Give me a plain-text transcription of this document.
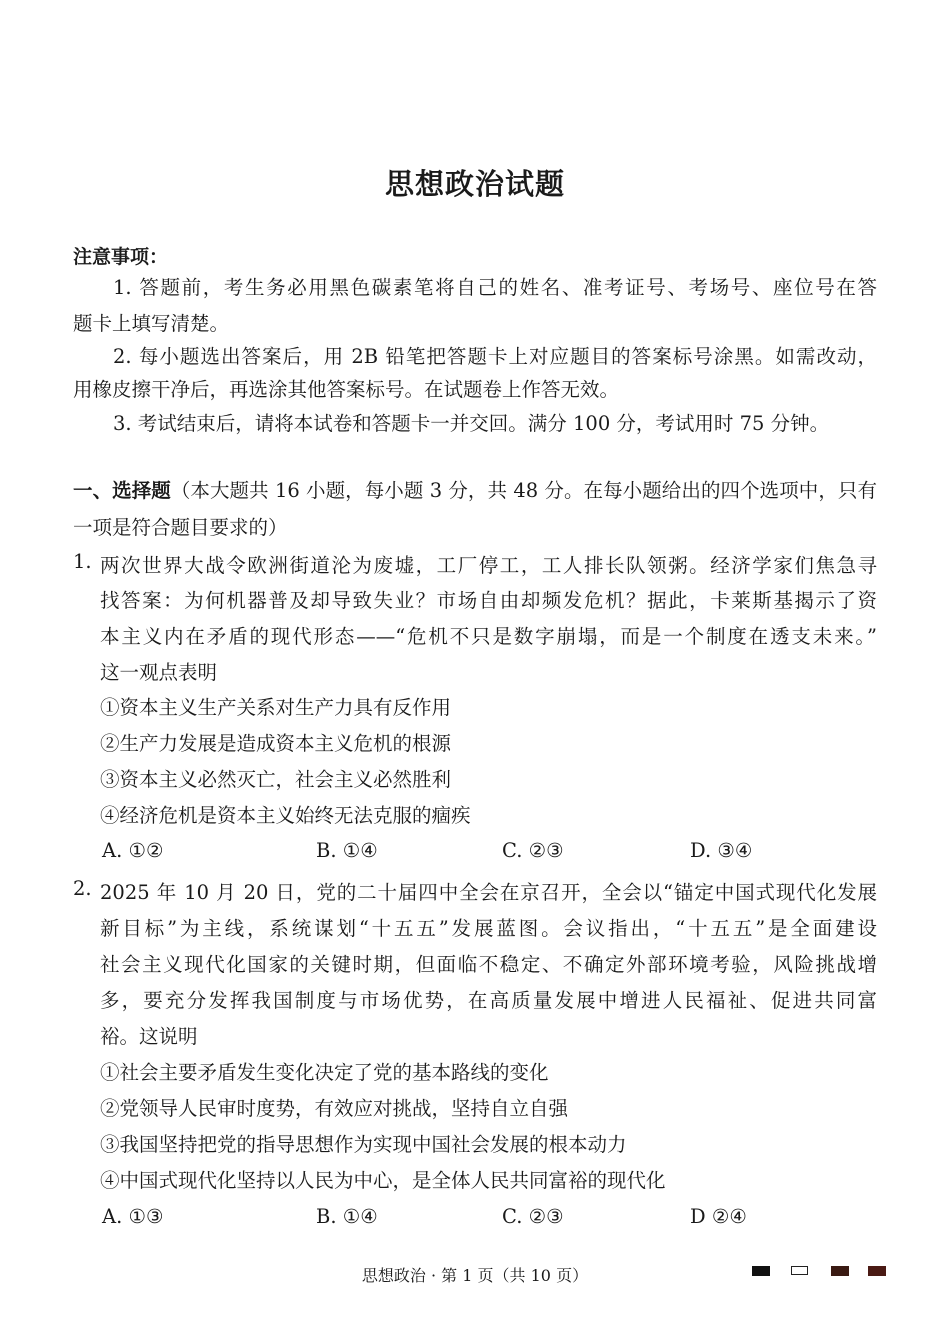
思想政治试题
注意事项：
1. 答题前，考生务必用黑色碳素笔将自己的姓名、准考证号、考场号、座位号在答
题卡上填写清楚。
2. 每小题选出答案后，用 2B 铅笔把答题卡上对应题目的答案标号涂黑。如需改动，
用橡皮擦干净后，再选涂其他答案标号。在试题卷上作答无效。
3. 考试结束后，请将本试卷和答题卡一并交回。满分 100 分，考试用时 75 分钟。
一、选择题（本大题共 16 小题，每小题 3 分，共 48 分。在每小题给出的四个选项中，只有
一项是符合题目要求的）
1. 两次世界大战令欧洲街道沦为废墟，工厂停工，工人排长队领粥。经济学家们焦急寻
找答案：为何机器普及却导致失业？市场自由却频发危机？据此，卡莱斯基揭示了资
本主义内在矛盾的现代形态——“危机不只是数字崩塌，而是一个制度在透支未来。”
这一观点表明
①资本主义生产关系对生产力具有反作用
②生产力发展是造成资本主义危机的根源
③资本主义必然灭亡，社会主义必然胜利
④经济危机是资本主义始终无法克服的痼疾
A. ①②	B. ①④	C. ②③	D. ③④
2. 2025 年 10 月 20 日，党的二十届四中全会在京召开，全会以“锚定中国式现代化发展
新目标”为主线，系统谋划“十五五”发展蓝图。会议指出，“十五五”是全面建设
社会主义现代化国家的关键时期，但面临不稳定、不确定外部环境考验，风险挑战增
多，要充分发挥我国制度与市场优势，在高质量发展中增进人民福祉、促进共同富
裕。这说明
①社会主要矛盾发生变化决定了党的基本路线的变化
②党领导人民审时度势，有效应对挑战，坚持自立自强
③我国坚持把党的指导思想作为实现中国社会发展的根本动力
④中国式现代化坚持以人民为中心，是全体人民共同富裕的现代化
A. ①③	B. ①④	C. ②③	D ②④
思想政治 · 第 1 页（共 10 页）
